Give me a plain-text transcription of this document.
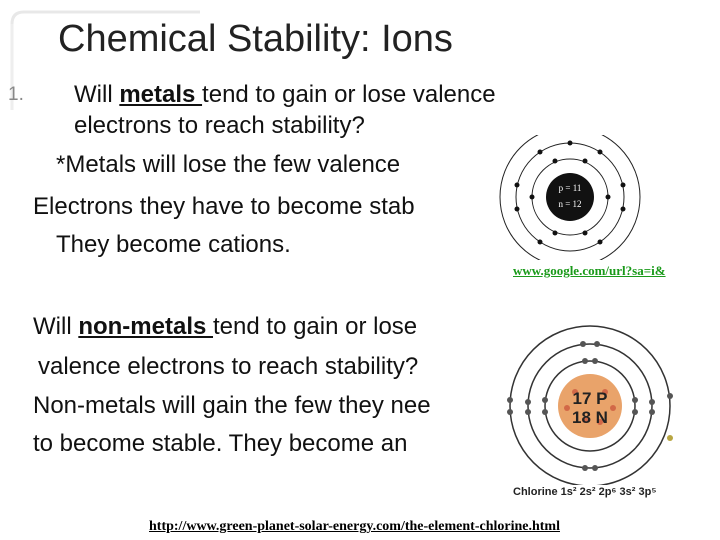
Chemical Stability: Ions
1. Will metals tend to gain or lose valence
electrons to reach stability?
*Metals will lose the few valence
Electrons they have to become stab
They become cations.
p = 11
n = 12
www.google.com/url?sa=i&
Will non-metals tend to gain or lose
valence electrons to reach stability?
Non-metals will gain the few they nee
to become stable. They become an
17 P
18 N
Chlorine 1s² 2s² 2p⁶ 3s² 3p⁵
http://www.green-planet-solar-energy.com/the-element-chlorine.html
